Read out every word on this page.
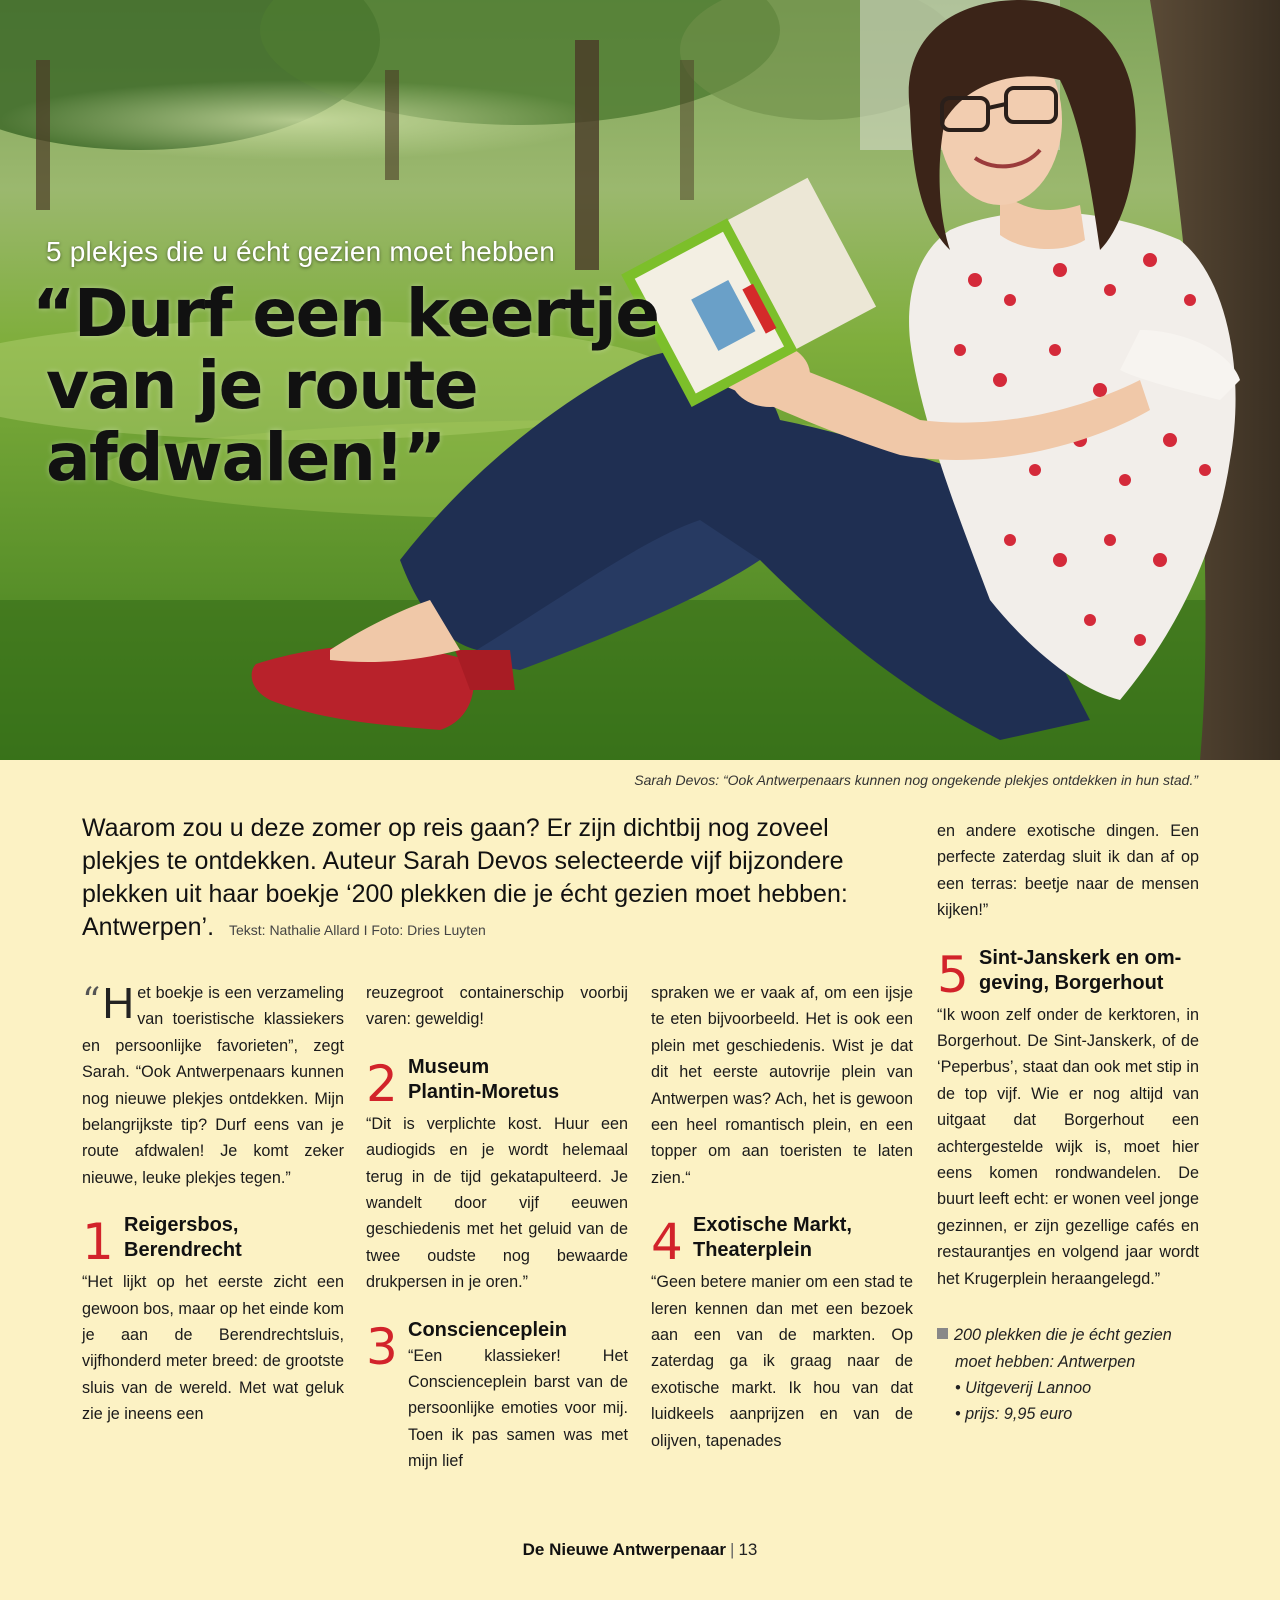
5 plekjes die u écht gezien moet hebben
“Durf een keertje
van je route
afdwalen!”
Sarah Devos: “Ook Antwerpenaars kunnen nog ongekende plekjes ontdekken in hun stad.”
Waarom zou u deze zomer op reis gaan? Er zijn dichtbij nog zoveel plekjes te ontdekken. Auteur Sarah Devos selecteerde vijf bijzondere plekken uit haar boekje ‘200 plekken die je écht gezien moet hebben: Antwerpen’. Tekst: Nathalie Allard I Foto: Dries Luyten

“ H et boekje is een verzameling van toeristische klassiekers en persoonlijke favorieten”, zegt Sarah. “Ook Antwerpenaars kunnen nog nieuwe plekjes ontdekken. Mijn belangrijkste tip? Durf eens van je route afdwalen! Je komt zeker nieuwe, leuke plekjes tegen.”

1 Reigersbos,
Berendrecht

“Het lijkt op het eerste zicht een gewoon bos, maar op het einde kom je aan de Berendrechtsluis, vijfhonderd meter breed: de grootste sluis van de wereld. Met wat geluk zie je ineens een

reuzegroot containerschip voorbij varen: geweldig!

2 Museum
Plantin-Moretus

“Dit is verplichte kost. Huur een audiogids en je wordt helemaal terug in de tijd gekatapulteerd. Je wandelt door vijf eeuwen geschiedenis met het geluid van de twee oudste nog bewaarde drukpersen in je oren.”

3 Conscienceplein

“Een klassieker! Het Conscienceplein barst van de persoonlijke emoties voor mij. Toen ik pas samen was met mijn lief

spraken we er vaak af, om een ijsje te eten bijvoorbeeld. Het is ook een plein met geschiedenis. Wist je dat dit het eerste autovrije plein van Antwerpen was? Ach, het is gewoon een heel romantisch plein, en een topper om aan toeristen te laten zien.“

4 Exotische Markt,
Theaterplein

“Geen betere manier om een stad te leren kennen dan met een bezoek aan een van de markten. Op zaterdag ga ik graag naar de exotische markt. Ik hou van dat luidkeels aanprijzen en van de olijven, tapenades

en andere exotische dingen. Een perfecte zaterdag sluit ik dan af op een terras: beetje naar de mensen kijken!”

5 Sint-Janskerk en om-
geving, Borgerhout

“Ik woon zelf onder de kerktoren, in Borgerhout. De Sint-Janskerk, of de ‘Peperbus’, staat dan ook met stip in de top vijf. Wie er nog altijd van uitgaat dat Borgerhout een achtergestelde wijk is, moet hier eens komen rondwandelen. De buurt leeft echt: er wonen veel jonge gezinnen, er zijn gezellige cafés en restaurantjes en volgend jaar wordt het Krugerplein heraangelegd.”

200 plekken die je écht gezien
moet hebben: Antwerpen
• Uitgeverij Lannoo
• prijs: 9,95 euro
De Nieuwe Antwerpenaar | 13
